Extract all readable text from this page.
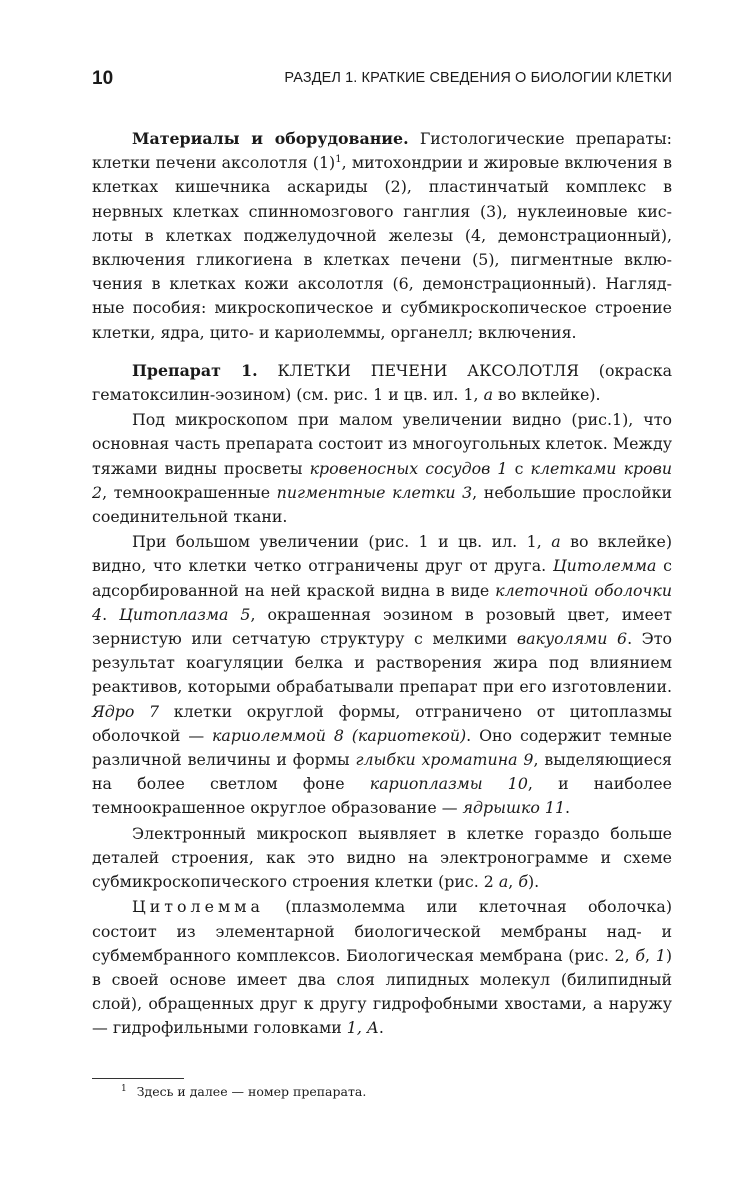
10	РАЗДЕЛ 1. КРАТКИЕ СВЕДЕНИЯ О БИОЛОГИИ КЛЕТКИ

Материалы и оборудование. Гистологические препараты: клетки печени аксолотля $(1)^1$, митохондрии и жировые включения в клетках кишечника аскариды (2), пластинчатый комплекс в нервных клетках спинномозгового ганглия (3), нуклеиновые кислоты в клетках поджелудочной железы (4, демонстрационный), включения гликогиена в клетках печени (5), пигментные включения в клетках кожи аксолотля (6, демонстрационный). Наглядные пособия: микроскопическое и субмикроскопическое строение клетки, ядра, цито- и кариолеммы, органелл; включения.

Препарат 1. КЛЕТКИ ПЕЧЕНИ АКСОЛОТЛЯ (окраска гематоксилин-эозином) (см. рис. 1 и цв. ил. 1, а во вклейке).

Под микроскопом при малом увеличении видно (рис.1), что основная часть препарата состоит из многоугольных клеток. Между тяжами видны просветы кровеносных сосудов 1 с клетками крови 2, темноокрашенные пигментные клетки 3, небольшие прослойки соединительной ткани.

При большом увеличении (рис. 1 и цв. ил. 1, а во вклейке) видно, что клетки четко отграничены друг от друга. Цитолемма с адсорбированной на ней краской видна в виде клеточной оболочки 4. Цитоплазма 5, окрашенная эозином в розовый цвет, имеет зернистую или сетчатую структуру с мелкими вакуолями 6. Это результат коагуляции белка и растворения жира под влиянием реактивов, которыми обрабатывали препарат при его изготовлении. Ядро 7 клетки округлой формы, отграничено от цитоплазмы оболочкой — кариолеммой 8 (кариотекой). Оно содержит темные различной величины и формы глыбки хроматина 9, выделяющиеся на более светлом фоне кариоплазмы 10, и наиболее темноокрашенное округлое образование — ядрышко 11.

Электронный микроскоп выявляет в клетке гораздо больше деталей строения, как это видно на электронограмме и схеме субмикроскопического строения клетки (рис. 2 а, б).

Цитолемма (плазмолемма или клеточная оболочка) состоит из элементарной биологической мембраны над- и субмембранного комплексов. Биологическая мембрана (рис. 2, б, 1) в своей основе имеет два слоя липидных молекул (билипидный слой), обращенных друг к другу гидрофобными хвостами, а наружу — гидрофильными головками 1, А.

$^1$ Здесь и далее — номер препарата.
